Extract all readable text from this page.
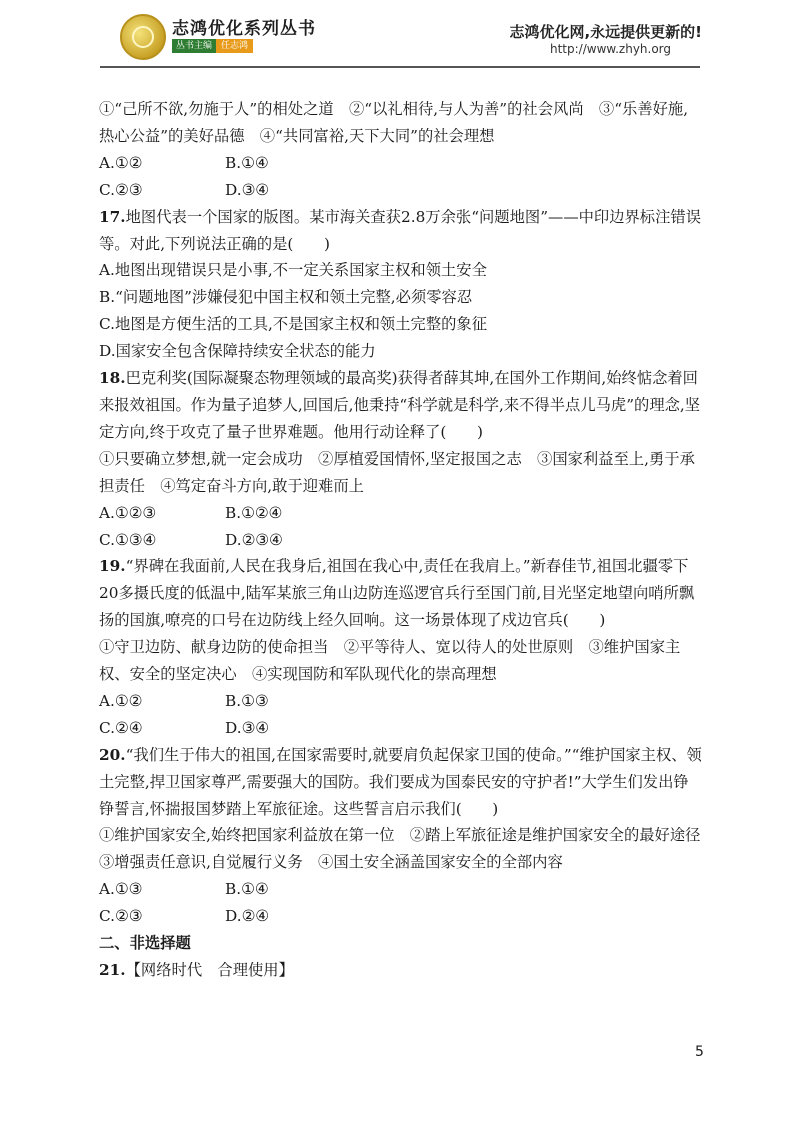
志鸿优化系列丛书
丛书主编	任志鸿
志鸿优化网,永远提供更新的!
http://www.zhyh.org

①“己所不欲,勿施于人”的相处之道　②“以礼相待,与人为善”的社会风尚　③“乐善好施,热心公益”的美好品德　④“共同富裕,天下大同”的社会理想

A.①②	B.①④
C.②③	D.③④

17.地图代表一个国家的版图。某市海关查获2.8万余张“问题地图”——中印边界标注错误等。对此,下列说法正确的是(　　)

A.地图出现错误只是小事,不一定关系国家主权和领土安全

B.“问题地图”涉嫌侵犯中国主权和领土完整,必须零容忍

C.地图是方便生活的工具,不是国家主权和领土完整的象征

D.国家安全包含保障持续安全状态的能力

18.巴克利奖(国际凝聚态物理领域的最高奖)获得者薛其坤,在国外工作期间,始终惦念着回来报效祖国。作为量子追梦人,回国后,他秉持“科学就是科学,来不得半点儿马虎”的理念,坚定方向,终于攻克了量子世界难题。他用行动诠释了(　　)

①只要确立梦想,就一定会成功　②厚植爱国情怀,坚定报国之志　③国家利益至上,勇于承担责任　④笃定奋斗方向,敢于迎难而上

A.①②③	B.①②④
C.①③④	D.②③④

19.“界碑在我面前,人民在我身后,祖国在我心中,责任在我肩上。”新春佳节,祖国北疆零下20多摄氏度的低温中,陆军某旅三角山边防连巡逻官兵行至国门前,目光坚定地望向哨所飘扬的国旗,嘹亮的口号在边防线上经久回响。这一场景体现了戍边官兵(　　)

①守卫边防、献身边防的使命担当　②平等待人、宽以待人的处世原则　③维护国家主权、安全的坚定决心　④实现国防和军队现代化的崇高理想

A.①②	B.①③
C.②④	D.③④

20.“我们生于伟大的祖国,在国家需要时,就要肩负起保家卫国的使命。”“维护国家主权、领土完整,捍卫国家尊严,需要强大的国防。我们要成为国泰民安的守护者!”大学生们发出铮铮誓言,怀揣报国梦踏上军旅征途。这些誓言启示我们(　　)

①维护国家安全,始终把国家利益放在第一位　②踏上军旅征途是维护国家安全的最好途径　③增强责任意识,自觉履行义务　④国土安全涵盖国家安全的全部内容

A.①③	B.①④
C.②③	D.②④

二、非选择题

21.【网络时代　合理使用】

5
